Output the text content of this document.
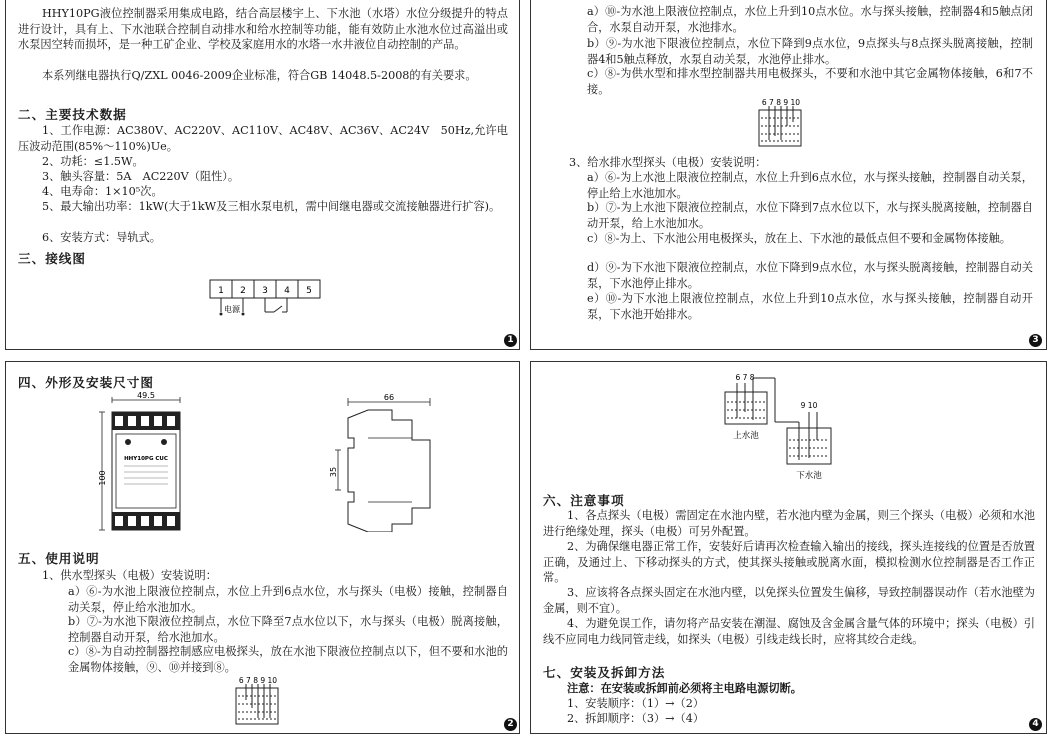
HHY10PG液位控制器采用集成电路，结合高层楼宇上、下水池（水塔）水位分级提升的特点进行设计，具有上、下水池联合控制自动排水和给水控制等功能，能有效防止水池水位过高溢出或水泵因空转而损坏，是一种工矿企业、学校及家庭用水的水塔一水井液位自动控制的产品。
本系列继电器执行Q/ZXL 0046-2009企业标准，符合GB 14048.5-2008的有关要求。
二、主要技术数据
1、工作电源：AC380V、AC220V、AC110V、AC48V、AC36V、AC24V　50Hz,允许电压波动范围(85%～110%)Ue。
2、功耗：≤1.5W。
3、触头容量：5A　AC220V（阻性）。
4、电寿命：1×10⁵次。
5、最大输出功率：1kW(大于1kW及三相水泵电机，需中间继电器或交流接触器进行扩容)。
6、安装方式：导轨式。
三、接线图
1 2 3 4 5
电源
1
a）⑩-为水池上限液位控制点，水位上升到10点水位。水与探头接触，控制器4和5触点闭合，水泵自动开泵，水池排水。
b）⑨-为水池下限液位控制点，水位下降到9点水位，9点探头与8点探头脱离接触，控制器4和5触点释放，水泵自动关泵，水池停止排水。
c）⑧-为供水型和排水型控制器共用电极探头，不要和水池中其它金属物体接触，6和7不接。
6 7 8 9 10
3、给水排水型探头（电极）安装说明：
a）⑥-为上水池上限液位控制点，水位上升到6点水位，水与探头接触，控制器自动关泵，停止给上水池加水。
b）⑦-为上水池下限液位控制点，水位下降到7点水位以下，水与探头脱离接触，控制器自动开泵，给上水池加水。
c）⑧-为上、下水池公用电极探头，放在上、下水池的最低点但不要和金属物体接触。
d）⑨-为下水池下限液位控制点，水位下降到9点水位，水与探头脱离接触，控制器自动关泵，下水池停止排水。
e）⑩-为下水池上限液位控制点，水位上升到10点水位，水与探头接触，控制器自动开泵，下水池开始排水。
3
四、外形及安装尺寸图
49.5
100
HHY10PG CUC
66
35
五、使用说明
1、供水型探头（电极）安装说明：
a）⑥-为水池上限液位控制点，水位上升到6点水位，水与探头（电极）接触，控制器自动关泵，停止给水池加水。
b）⑦-为水池下限液位控制点，水位下降至7点水位以下，水与探头（电极）脱离接触，控制器自动开泵，给水池加水。
c）⑧-为自动控制器控制感应电极探头，放在水池下限液位控制点以下，但不要和水池的金属物体接触，⑨、⑩并接到⑧。
6 7 8 9 10
2
6 7 8
9 10
上水池
下水池
六、注意事项
1、各点探头（电极）需固定在水池内壁，若水池内壁为金属，则三个探头（电极）必须和水池进行绝缘处理，探头（电极）可另外配置。
2、为确保继电器正常工作，安装好后请再次检查输入输出的接线，探头连接线的位置是否放置正确，及通过上、下移动探头的方式，使其探头接触或脱离水面，模拟检测水位控制器是否工作正常。
3、应该将各点探头固定在水池内壁，以免探头位置发生偏移，导致控制器误动作（若水池壁为金属，则不宜）。
4、为避免误工作，请勿将产品安装在潮湿、腐蚀及含金属含量气体的环境中；探头（电极）引线不应同电力线同管走线，如探头（电极）引线走线长时，应将其绞合走线。
七、安装及拆卸方法
注意：在安装或拆卸前必须将主电路电源切断。
1、安装顺序：（1）→（2）
2、拆卸顺序：（3）→（4）	4
